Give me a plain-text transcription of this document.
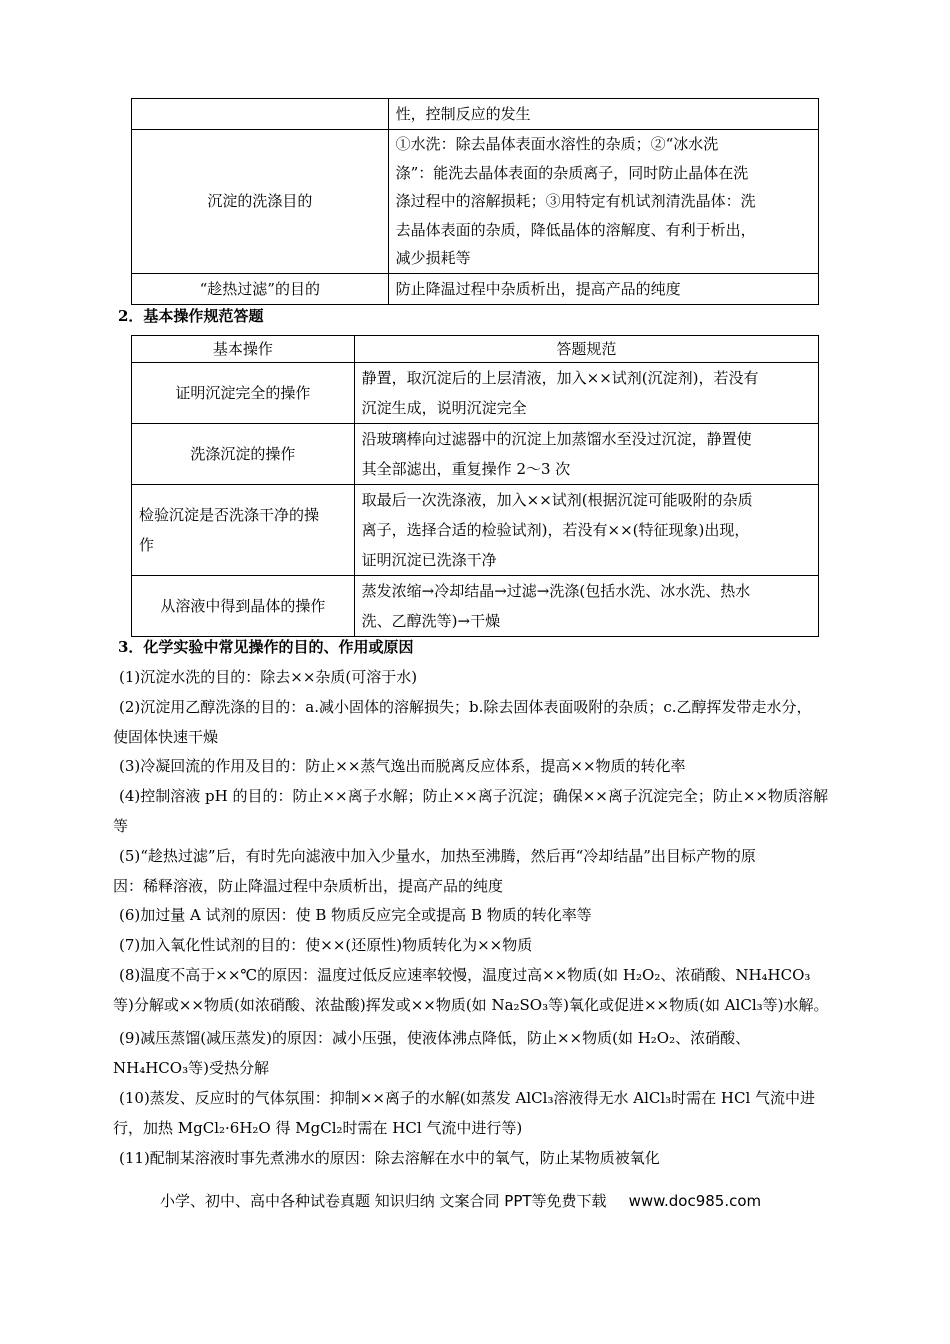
	性，控制反应的发生
沉淀的洗涤目的	①水洗：除去晶体表面水溶性的杂质；②“冰水洗
涤”：能洗去晶体表面的杂质离子，同时防止晶体在洗
涤过程中的溶解损耗；③用特定有机试剂清洗晶体：洗
去晶体表面的杂质，降低晶体的溶解度、有利于析出，
减少损耗等
“趁热过滤”的目的	防止降温过程中杂质析出，提高产品的纯度
2．基本操作规范答题
基本操作	答题规范
证明沉淀完全的操作	静置，取沉淀后的上层清液，加入××试剂(沉淀剂)，若没有
沉淀生成，说明沉淀完全
洗涤沉淀的操作	沿玻璃棒向过滤器中的沉淀上加蒸馏水至没过沉淀，静置使
其全部滤出，重复操作 2～3 次
检验沉淀是否洗涤干净的操
作	取最后一次洗涤液，加入××试剂(根据沉淀可能吸附的杂质
离子，选择合适的检验试剂)，若没有××(特征现象)出现，
证明沉淀已洗涤干净
从溶液中得到晶体的操作	蒸发浓缩→冷却结晶→过滤→洗涤(包括水洗、冰水洗、热水
洗、乙醇洗等)→干燥
3．化学实验中常见操作的目的、作用或原因
(1)沉淀水洗的目的：除去××杂质(可溶于水)
(2)沉淀用乙醇洗涤的目的：a.减小固体的溶解损失；b.除去固体表面吸附的杂质；c.乙醇挥发带走水分，
使固体快速干燥
(3)冷凝回流的作用及目的：防止××蒸气逸出而脱离反应体系，提高××物质的转化率
(4)控制溶液 pH 的目的：防止××离子水解；防止××离子沉淀；确保××离子沉淀完全；防止××物质溶解
等
(5)“趁热过滤”后，有时先向滤液中加入少量水，加热至沸腾，然后再“冷却结晶”出目标产物的原
因：稀释溶液，防止降温过程中杂质析出，提高产品的纯度
(6)加过量 A 试剂的原因：使 B 物质反应完全或提高 B 物质的转化率等
(7)加入氧化性试剂的目的：使××(还原性)物质转化为××物质
(8)温度不高于××℃的原因：温度过低反应速率较慢，温度过高××物质(如 H₂O₂、浓硝酸、NH₄HCO₃
等)分解或××物质(如浓硝酸、浓盐酸)挥发或××物质(如 Na₂SO₃等)氧化或促进××物质(如 AlCl₃等)水解。
(9)减压蒸馏(减压蒸发)的原因：减小压强，使液体沸点降低，防止××物质(如 H₂O₂、浓硝酸、
NH₄HCO₃等)受热分解
(10)蒸发、反应时的气体氛围：抑制××离子的水解(如蒸发 AlCl₃溶液得无水 AlCl₃时需在 HCl 气流中进
行，加热 MgCl₂·6H₂O 得 MgCl₂时需在 HCl 气流中进行等)
(11)配制某溶液时事先煮沸水的原因：除去溶解在水中的氧气，防止某物质被氧化
小学、初中、高中各种试卷真题 知识归纳 文案合同 PPT等免费下载 www.doc985.com
